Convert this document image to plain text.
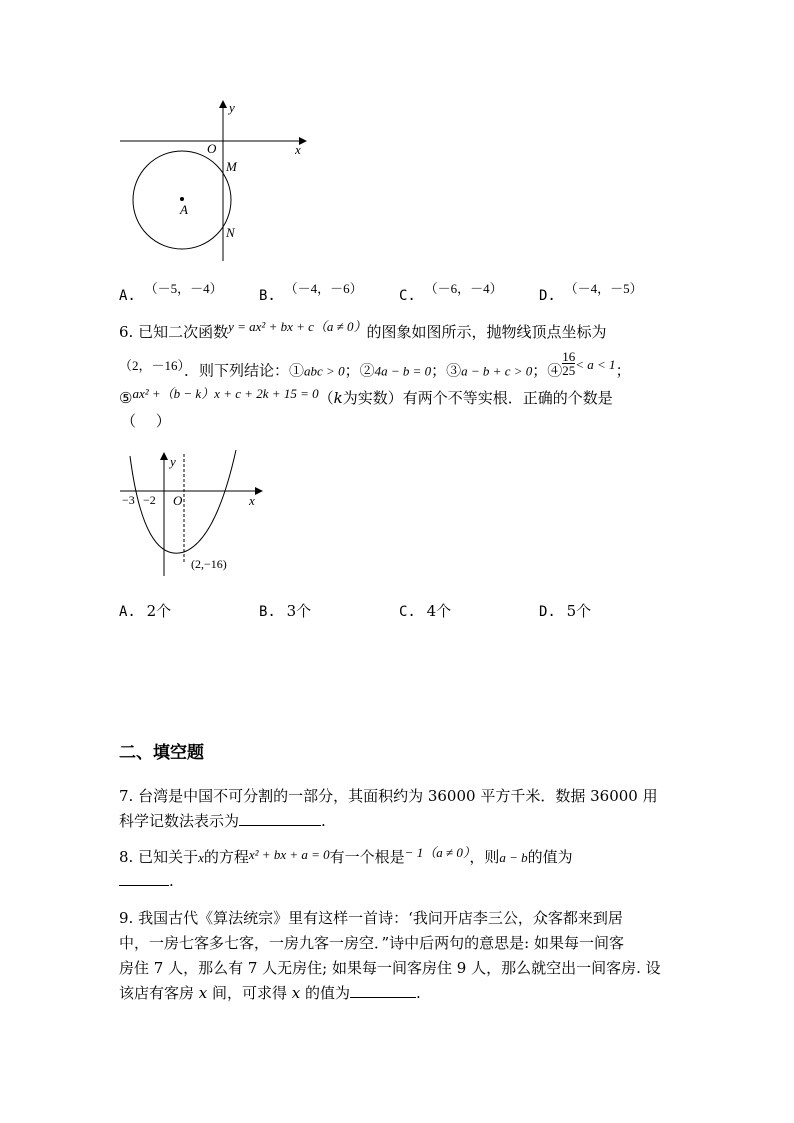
y
O	x
M
A
N
A. （－5，－4）	B. （－4，－6）	C. （－6，－4）	D. （－4，－5）
6. 已知二次函数y = ax² + bx + c（a ≠ 0）的图象如图所示，抛物线顶点坐标为
（2，－16）．则下列结论：①abc > 0；②4a − b = 0；③a − b + c > 0；④ $\frac{16}{25} < a < 1$；
⑤ax² +（b − k）x + c + 2k + 15 = 0（k为实数）有两个不等实根．正确的个数是
（　 ）
y
x
O
−3 −2
(2,−16)
A. 2个	B. 3个	C. 4个	D. 5个
二、填空题
7. 台湾是中国不可分割的一部分，其面积约为 36000 平方千米．数据 36000 用
科学记数法表示为	.
8. 已知关于x的方程x² + bx + a = 0有一个根是− 1（a ≠ 0），则a − b的值为
.
9. 我国古代《算法统宗》里有这样一首诗：‘我问开店李三公，众客都来到居
中，一房七客多七客，一房九客一房空．”诗中后两句的意思是: 如果每一间客
房住 7 人，那么有 7 人无房住; 如果每一间客房住 9 人，那么就空出一间客房. 设
该店有客房 x 间，可求得 x 的值为	.
